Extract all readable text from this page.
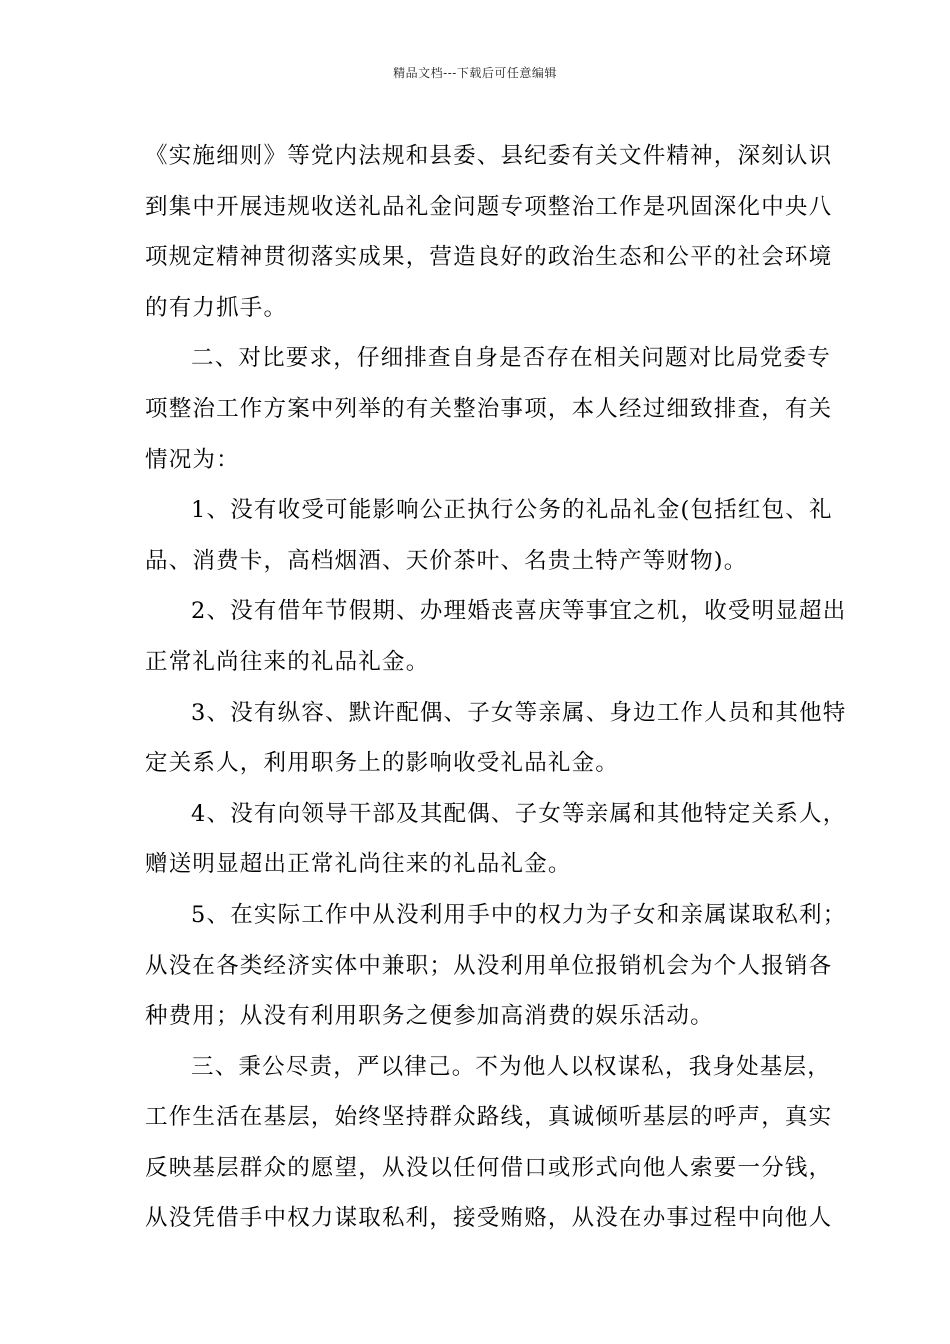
精品文档---下载后可任意编辑
《实施细则》等党内法规和县委、县纪委有关文件精神，深刻认识
到集中开展违规收送礼品礼金问题专项整治工作是巩固深化中央八
项规定精神贯彻落实成果，营造良好的政治生态和公平的社会环境
的有力抓手。
二、对比要求，仔细排查自身是否存在相关问题对比局党委专
项整治工作方案中列举的有关整治事项，本人经过细致排查，有关
情况为：
1、没有收受可能影响公正执行公务的礼品礼金(包括红包、礼
品、消费卡，高档烟酒、天价茶叶、名贵土特产等财物)。
2、没有借年节假期、办理婚丧喜庆等事宜之机，收受明显超出
正常礼尚往来的礼品礼金。
3、没有纵容、默许配偶、子女等亲属、身边工作人员和其他特
定关系人，利用职务上的影响收受礼品礼金。
4、没有向领导干部及其配偶、子女等亲属和其他特定关系人，
赠送明显超出正常礼尚往来的礼品礼金。
5、在实际工作中从没利用手中的权力为子女和亲属谋取私利；
从没在各类经济实体中兼职；从没利用单位报销机会为个人报销各
种费用；从没有利用职务之便参加高消费的娱乐活动。
三、秉公尽责，严以律己。不为他人以权谋私，我身处基层，
工作生活在基层，始终坚持群众路线，真诚倾听基层的呼声，真实
反映基层群众的愿望，从没以任何借口或形式向他人索要一分钱，
从没凭借手中权力谋取私利，接受贿赂，从没在办事过程中向他人
